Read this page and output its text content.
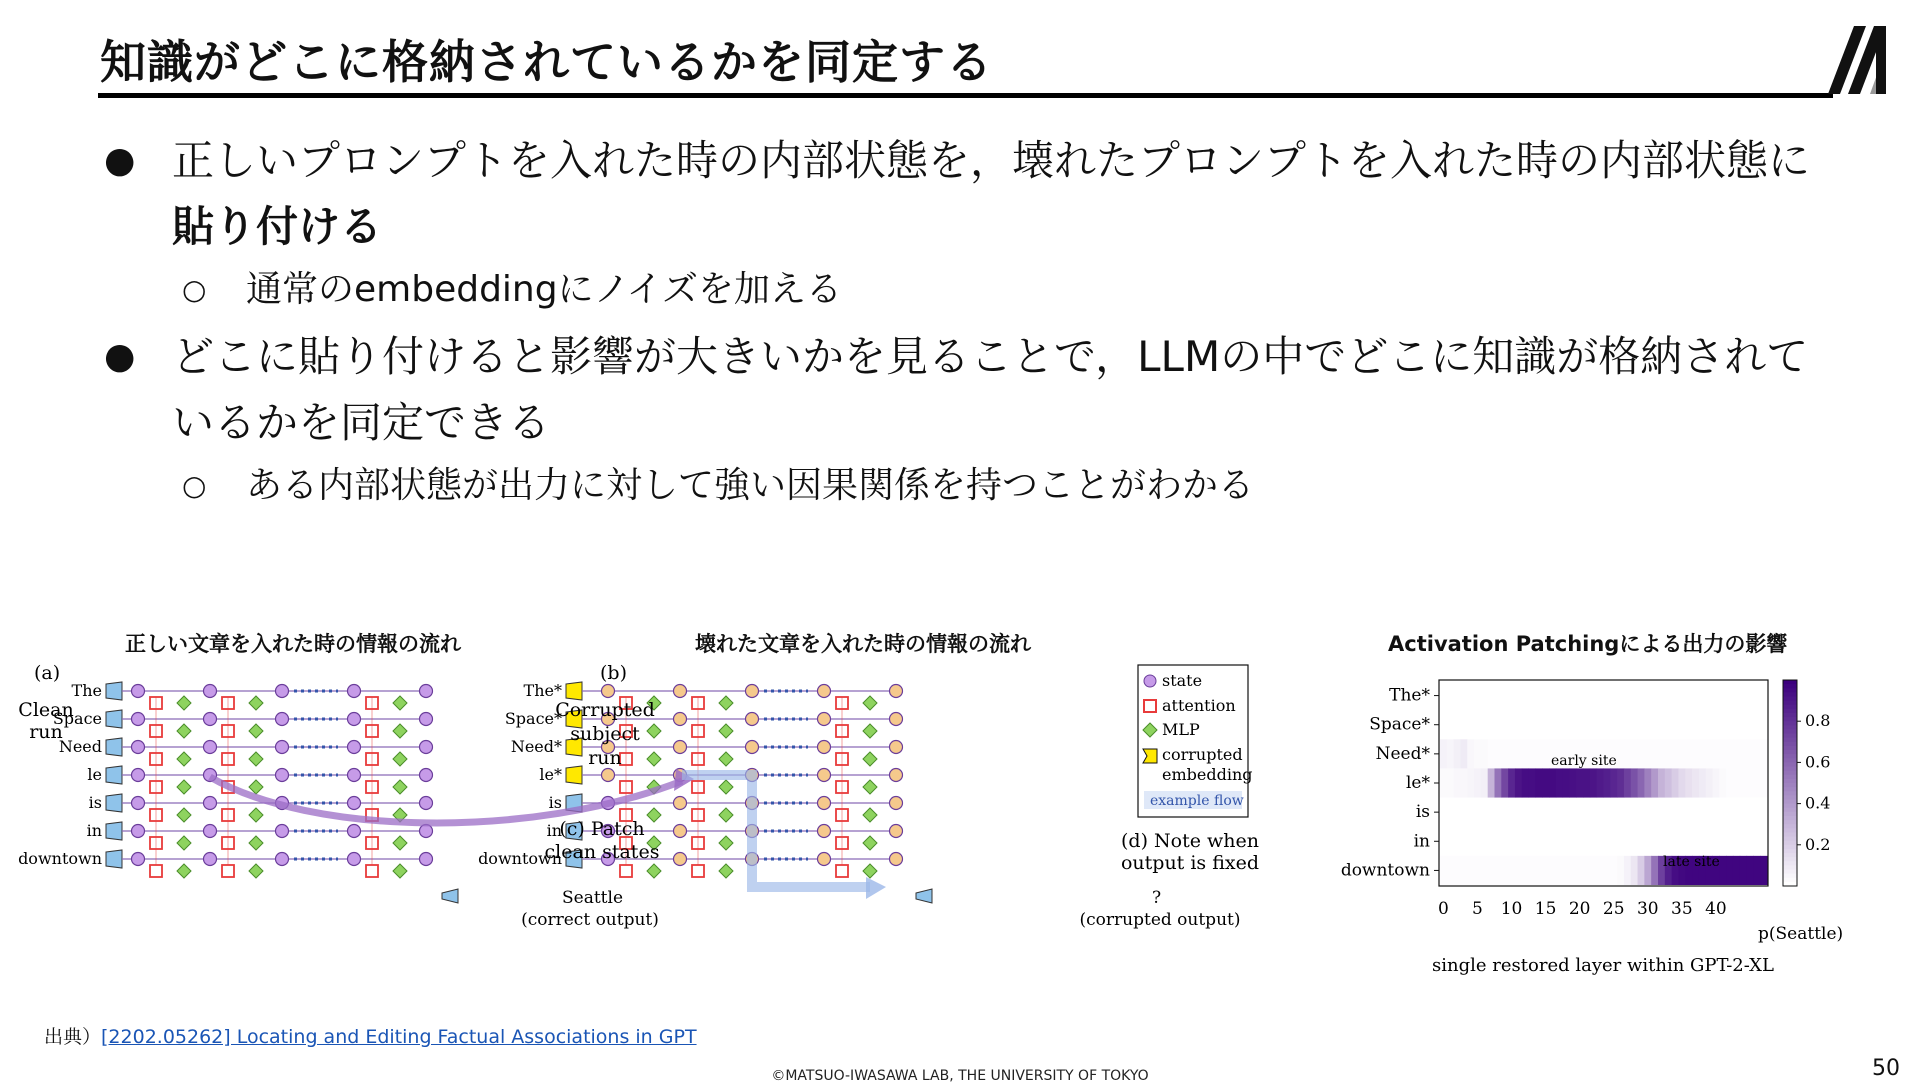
知識がどこに格納されているかを同定する
● 正しいプロンプトを入れた時の内部状態を，壊れたプロンプトを入れた時の内部状態に貼り付ける
○ 通常のembeddingにノイズを加える
● どこに貼り付けると影響が大きいかを見ることで，LLMの中でどこに知識が格納されているかを同定できる
○ ある内部状態が出力に対して強い因果関係を持つことがわかる
正しい文章を入れた時の情報の流れ	壊れた文章を入れた時の情報の流れ	Activation Patchingによる出力の影響
The
Space
Need
le
is
in
downtown
The*
Space*
Need*
le*
is
in
downtown
(a)
Clean
run
(b)
Corrupted
subject
run
(c) Patch
clean states	(d) Note when
output is fixed
Seattle
(correct output)
?
(corrupted output)
state
attention
MLP
corrupted
embedding
example flow
The*
Space*
Need*
le*
is
in
downtown
0 5 10 15 20 25 30 35 40
early site
late site
0.2
0.4
0.6
0.8
p(Seattle)
single restored layer within GPT-2-XL
出典）[2202.05262] Locating and Editing Factual Associations in GPT
©MATSUO-IWASAWA LAB, THE UNIVERSITY OF TOKYO	50
